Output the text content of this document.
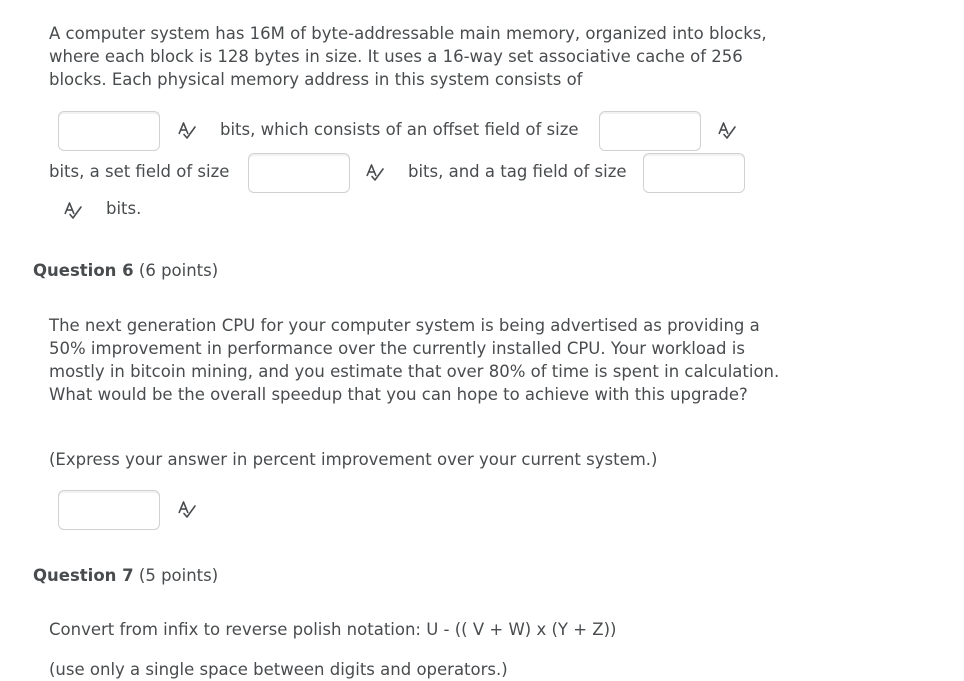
A computer system has 16M of byte-addressable main memory, organized into blocks, where each block is 128 bytes in size. It uses a 16-way set associative cache of 256 blocks. Each physical memory address in this system consists of

bits, which consists of an offset field of size
bits, a set field of size	bits, and a tag field of size
bits.
Question 6 (6 points)

The next generation CPU for your computer system is being advertised as providing a 50% improvement in performance over the currently installed CPU. Your workload is mostly in bitcoin mining, and you estimate that over 80% of time is spent in calculation. What would be the overall speedup that you can hope to achieve with this upgrade?

(Express your answer in percent improvement over your current system.)

Question 7 (5 points)

Convert from infix to reverse polish notation: U - (( V + W) x (Y + Z))

(use only a single space between digits and operators.)
